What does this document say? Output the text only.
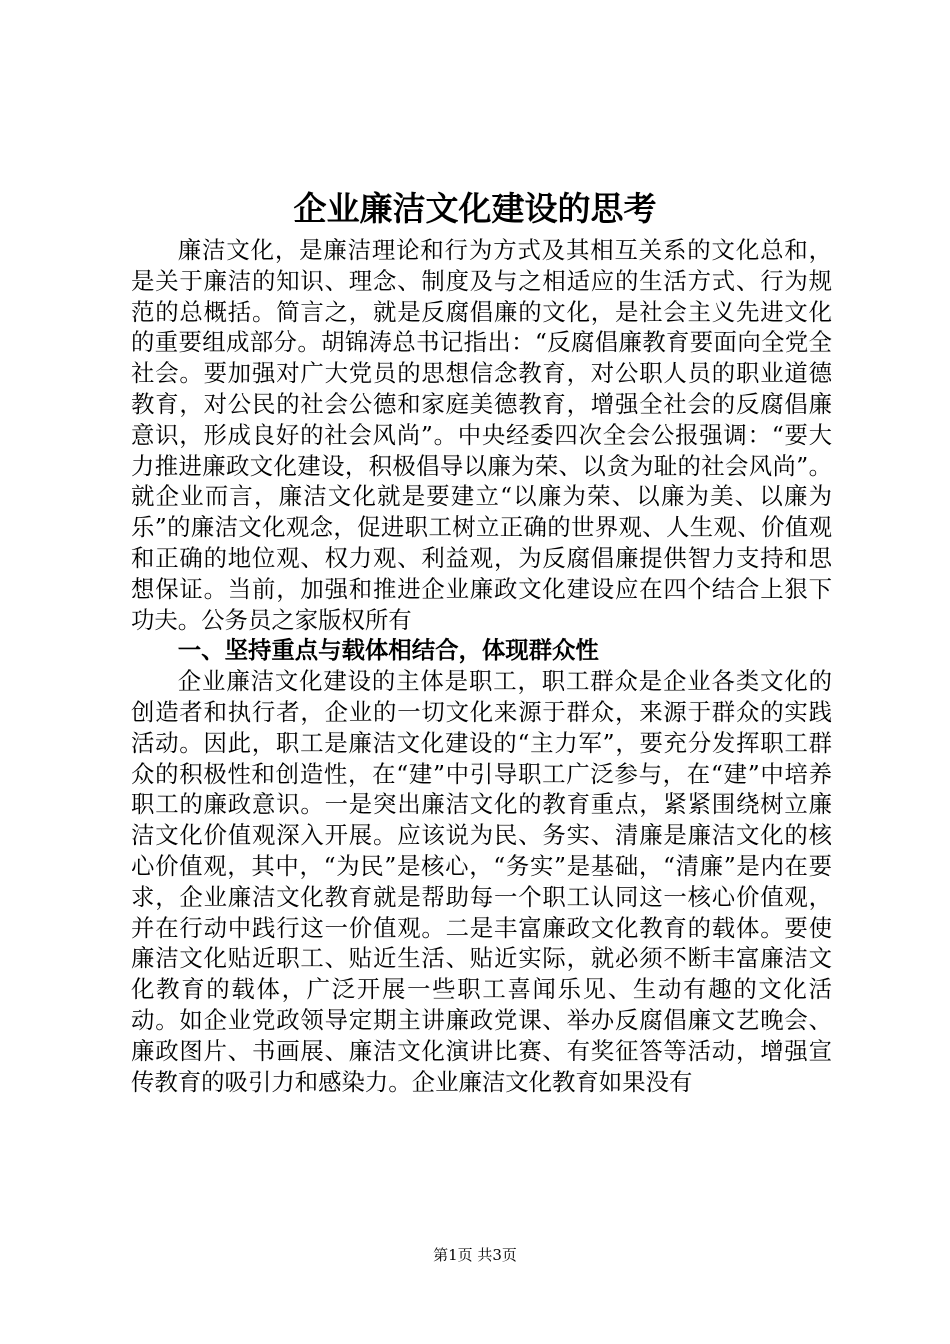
企业廉洁文化建设的思考

廉洁文化，是廉洁理论和行为方式及其相互关系的文化总和，是关于廉洁的知识、理念、制度及与之相适应的生活方式、行为规范的总概括。简言之，就是反腐倡廉的文化，是社会主义先进文化的重要组成部分。胡锦涛总书记指出：“反腐倡廉教育要面向全党全社会。要加强对广大党员的思想信念教育，对公职人员的职业道德教育，对公民的社会公德和家庭美德教育，增强全社会的反腐倡廉意识，形成良好的社会风尚”。中央经委四次全会公报强调：“要大力推进廉政文化建设，积极倡导以廉为荣、以贪为耻的社会风尚”。就企业而言，廉洁文化就是要建立“以廉为荣、以廉为美、以廉为乐”的廉洁文化观念，促进职工树立正确的世界观、人生观、价值观和正确的地位观、权力观、利益观，为反腐倡廉提供智力支持和思想保证。当前，加强和推进企业廉政文化建设应在四个结合上狠下功夫。公务员之家版权所有

一、坚持重点与载体相结合，体现群众性

企业廉洁文化建设的主体是职工，职工群众是企业各类文化的创造者和执行者，企业的一切文化来源于群众，来源于群众的实践活动。因此，职工是廉洁文化建设的“主力军”，要充分发挥职工群众的积极性和创造性，在“建”中引导职工广泛参与，在“建”中培养职工的廉政意识。一是突出廉洁文化的教育重点，紧紧围绕树立廉洁文化价值观深入开展。应该说为民、务实、清廉是廉洁文化的核心价值观，其中，“为民”是核心，“务实”是基础，“清廉”是内在要求，企业廉洁文化教育就是帮助每一个职工认同这一核心价值观，并在行动中践行这一价值观。二是丰富廉政文化教育的载体。要使廉洁文化贴近职工、贴近生活、贴近实际，就必须不断丰富廉洁文化教育的载体，广泛开展一些职工喜闻乐见、生动有趣的文化活动。如企业党政领导定期主讲廉政党课、举办反腐倡廉文艺晚会、廉政图片、书画展、廉洁文化演讲比赛、有奖征答等活动，增强宣传教育的吸引力和感染力。企业廉洁文化教育如果没有

第1页 共3页
